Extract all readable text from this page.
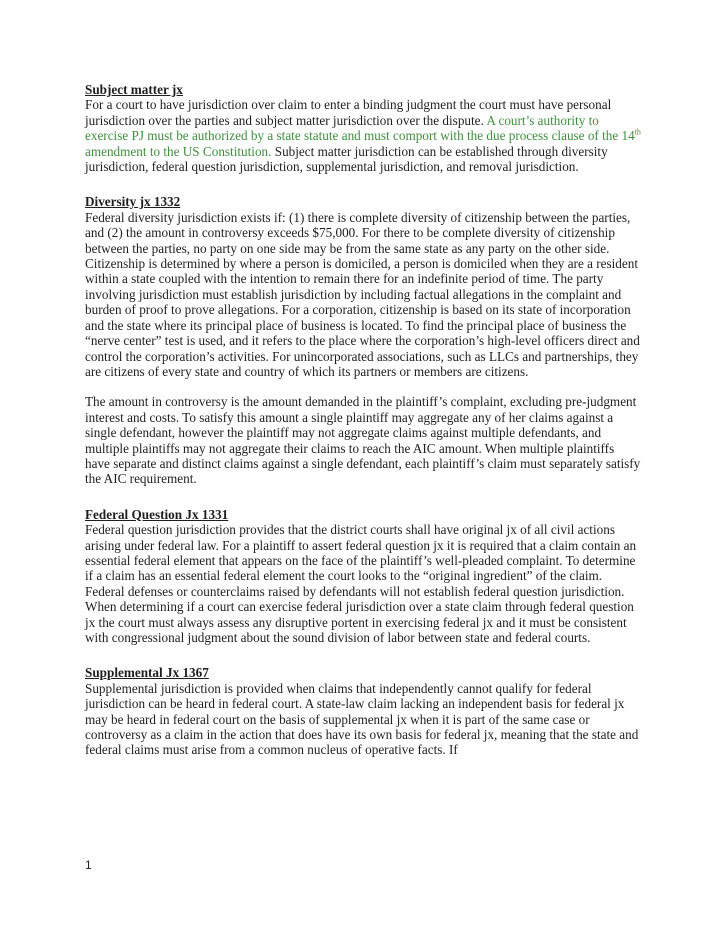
Subject matter jx

For a court to have jurisdiction over claim to enter a binding judgment the court must have personal jurisdiction over the parties and subject matter jurisdiction over the dispute. A court’s authority to exercise PJ must be authorized by a state statute and must comport with the due process clause of the 14th amendment to the US Constitution. Subject matter jurisdiction can be established through diversity jurisdiction, federal question jurisdiction, supplemental jurisdiction, and removal jurisdiction.

Diversity jx 1332

Federal diversity jurisdiction exists if: (1) there is complete diversity of citizenship between the parties, and (2) the amount in controversy exceeds $75,000. For there to be complete diversity of citizenship between the parties, no party on one side may be from the same state as any party on the other side. Citizenship is determined by where a person is domiciled, a person is domiciled when they are a resident within a state coupled with the intention to remain there for an indefinite period of time. The party involving jurisdiction must establish jurisdiction by including factual allegations in the complaint and burden of proof to prove allegations. For a corporation, citizenship is based on its state of incorporation and the state where its principal place of business is located. To find the principal place of business the “nerve center” test is used, and it refers to the place where the corporation’s high-level officers direct and control the corporation’s activities. For unincorporated associations, such as LLCs and partnerships, they are citizens of every state and country of which its partners or members are citizens.

The amount in controversy is the amount demanded in the plaintiff’s complaint, excluding pre-judgment interest and costs. To satisfy this amount a single plaintiff may aggregate any of her claims against a single defendant, however the plaintiff may not aggregate claims against multiple defendants, and multiple plaintiffs may not aggregate their claims to reach the AIC amount. When multiple plaintiffs have separate and distinct claims against a single defendant, each plaintiff’s claim must separately satisfy the AIC requirement.

Federal Question Jx 1331

Federal question jurisdiction provides that the district courts shall have original jx of all civil actions arising under federal law. For a plaintiff to assert federal question jx it is required that a claim contain an essential federal element that appears on the face of the plaintiff’s well-pleaded complaint. To determine if a claim has an essential federal element the court looks to the “original ingredient” of the claim. Federal defenses or counterclaims raised by defendants will not establish federal question jurisdiction. When determining if a court can exercise federal jurisdiction over a state claim through federal question jx the court must always assess any disruptive portent in exercising federal jx and it must be consistent with congressional judgment about the sound division of labor between state and federal courts.

Supplemental Jx 1367

Supplemental jurisdiction is provided when claims that independently cannot qualify for federal jurisdiction can be heard in federal court. A state-law claim lacking an independent basis for federal jx may be heard in federal court on the basis of supplemental jx when it is part of the same case or controversy as a claim in the action that does have its own basis for federal jx, meaning that the state and federal claims must arise from a common nucleus of operative facts. If

1
